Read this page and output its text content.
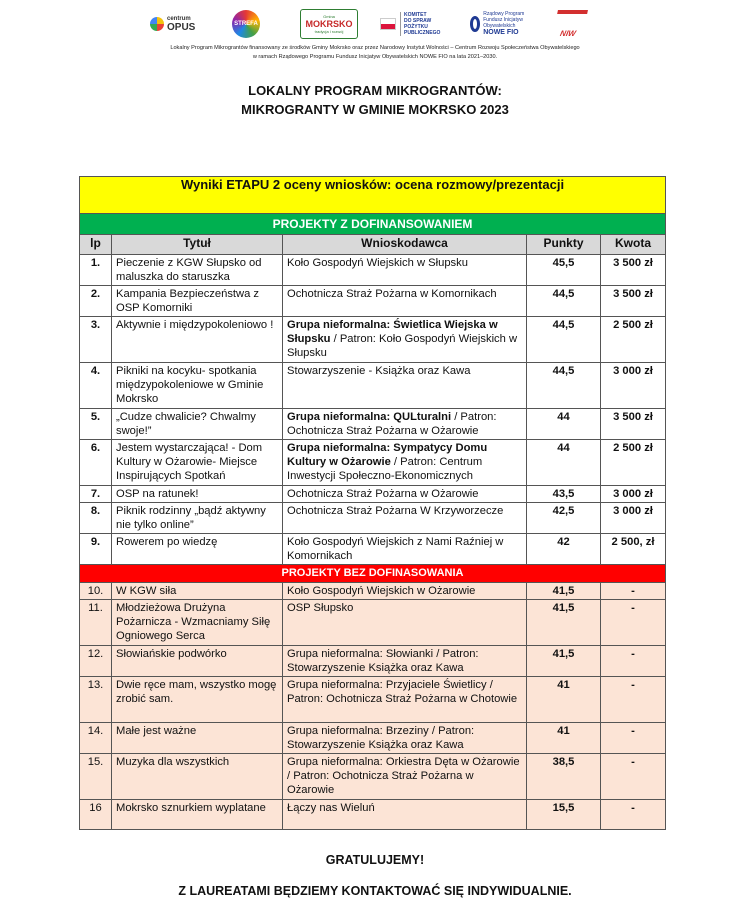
centrum
OPUS	STREFA
Gmina
MOKRSKO
tradycja i rozwój
KOMITET
DO SPRAW
POŻYTKU
PUBLICZNEGO
Rządowy Program Fundusz Inicjatyw Obywatelskich
NOWE FIO	NIW
Lokalny Program Mikrograntów finansowany ze środków Gminy Mokrsko oraz przez Narodowy Instytut Wolności – Centrum Rozwoju Społeczeństwa Obywatelskiego
w ramach Rządowego Programu Fundusz Inicjatyw Obywatelskich NOWE FIO na lata 2021–2030.
LOKALNY PROGRAM MIKROGRANTÓW:
MIKROGRANTY W GMINIE MOKRSKO 2023
Wyniki ETAPU 2 oceny wniosków: ocena rozmowy/prezentacji				
PROJEKTY Z DOFINANSOWANIEM				
lp	Tytuł	Wnioskodawca	Punkty	Kwota
1.	Pieczenie z KGW Słupsko od maluszka do staruszka	Koło Gospodyń Wiejskich w Słupsku	45,5	3 500 zł
2.	Kampania Bezpieczeństwa z OSP Komorniki	Ochotnicza Straż Pożarna w Komornikach	44,5	3 500 zł
3.	Aktywnie i międzypokoleniowo !	Grupa nieformalna: Świetlica Wiejska w Słupsku / Patron: Koło Gospodyń Wiejskich w Słupsku	44,5	2 500 zł
4.	Pikniki na kocyku- spotkania międzypokoleniowe w Gminie Mokrsko	Stowarzyszenie - Książka oraz Kawa	44,5	3 000 zł
5.	„Cudze chwalicie? Chwalmy swoje!”	Grupa nieformalna: QULturalni / Patron: Ochotnicza Straż Pożarna w Ożarowie	44	3 500 zł
6.	Jestem wystarczająca! - Dom Kultury w Ożarowie- Miejsce Inspirujących Spotkań	Grupa nieformalna: Sympatycy Domu Kultury w Ożarowie / Patron: Centrum Inwestycji Społeczno-Ekonomicznych	44	2 500 zł
7.	OSP na ratunek!	Ochotnicza Straż Pożarna w Ożarowie	43,5	3 000 zł
8.	Piknik rodzinny „bądź aktywny nie tylko online”	Ochotnicza Straż Pożarna W Krzyworzecze	42,5	3 000 zł
9.	Rowerem po wiedzę	Koło Gospodyń Wiejskich z Nami Raźniej w Komornikach	42	2 500, zł
PROJEKTY BEZ DOFINASOWANIA				
10.	W KGW siła	Koło Gospodyń Wiejskich w Ożarowie	41,5	-
11.	Młodzieżowa Drużyna Pożarnicza - Wzmacniamy Siłę Ogniowego Serca	OSP Słupsko	41,5	-
12.	Słowiańskie podwórko	Grupa nieformalna: Słowianki / Patron: Stowarzyszenie Książka oraz Kawa	41,5	-
13.	Dwie ręce mam, wszystko mogę zrobić sam.	Grupa nieformalna: Przyjaciele Świetlicy / Patron: Ochotnicza Straż Pożarna w Chotowie	41	-
14.	Małe jest ważne	Grupa nieformalna: Brzeziny / Patron: Stowarzyszenie Książka oraz Kawa	41	-
15.	Muzyka dla wszystkich	Grupa nieformalna: Orkiestra Dęta w Ożarowie / Patron: Ochotnicza Straż Pożarna w Ożarowie	38,5	-
16	Mokrsko sznurkiem wyplatane	Łączy nas Wieluń	15,5	-
GRATULUJEMY!
Z LAUREATAMI BĘDZIEMY KONTAKTOWAĆ SIĘ INDYWIDUALNIE.
